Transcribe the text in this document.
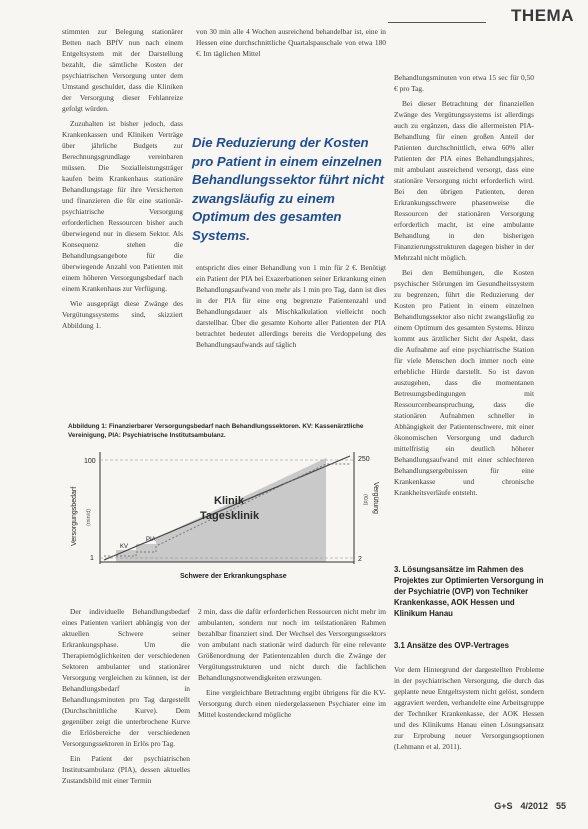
THEMA

stimmten zur Belegung stationärer Betten nach BPfV nun nach einem Entgeltsystem mit der Darstellung bezahlt, die sämtliche Kosten der psychiatrischen Versorgung unter dem Umstand geschuldet, dass die Kliniken der Versorgung dieser Fehlanreize gefolgt würden.

Zuzuhalten ist bisher jedoch, dass Krankenkassen und Kliniken Verträge über jährliche Budgets zur Berechnungsgrundlage vereinbaren müssen. Die Sozialleistungsträger kaufen beim Krankenhaus stationäre Behandlungstage für ihre Versicherten und finanzieren die für eine stationär-psychiatrische Versorgung erforderlichen Ressourcen bisher auch überwiegend nur in diesem Sektor. Als Konsequenz stehen die Behandlungsangebote für die überwiegende Anzahl von Patienten mit einem höheren Versorgungsbedarf nach einem Krankenhaus zur Verfügung.

Wie ausgeprägt diese Zwänge des Vergütungssystems sind, skizziert Abbildung 1.

von 30 min alle 4 Wochen ausreichend behandelbar ist, eine in Hessen eine durchschnittliche Quartalspauschale von etwa 180 €. Im täglichen Mittel

Die Reduzierung der Kosten pro Patient in einem einzelnen Behandlungssektor führt nicht zwangsläufig zu einem Optimum des gesamten Systems.

entspricht dies einer Behandlung von 1 min für 2 €. Benötigt ein Patient der PIA bei Exazerbationen seiner Erkrankung einen Behandlungsaufwand von mehr als 1 min pro Tag, dann ist dies in der PIA für eine eng begrenzte Patientenzahl und Behandlungsdauer als Mischkalkulation vielleicht noch darstellbar. Über die gesamte Kohorte aller Patienten der PIA betrachtet bedeutet allerdings bereits die Verdoppelung des Behandlungsaufwands auf täglich

Behandlungsminuten von etwa 15 sec für 0,50 € pro Tag.

Bei dieser Betrachtung der finanziellen Zwänge des Vergütungssystems ist allerdings auch zu ergänzen, dass die allermeisten PIA-Behandlung für einen großen Anteil der Patienten durchschnittlich, etwa 60% aller Patienten der PIA eines Behandlungsjahres, mit ambulant ausreichend versorgt, dass eine stationäre Versorgung nicht erforderlich wird. Bei den übrigen Patienten, deren Erkrankungsschwere phasenweise die Ressourcen der stationären Versorgung erforderlich macht, ist eine ambulante Behandlung in den bisherigen Finanzierungsstrukturen dagegen bisher in der Mehrzahl nicht möglich.

Bei den Bemühungen, die Kosten psychischer Störungen im Gesundheitssystem zu begrenzen, führt die Reduzierung der Kosten pro Patient in einem einzelnen Behandlungssektor also nicht zwangsläufig zu einem Optimum des gesamten Systems. Hinzu kommt aus ärztlicher Sicht der Aspekt, dass die Aufnahme auf eine psychiatrische Station für viele Menschen doch immer noch eine erhebliche Hürde darstellt. So ist davon auszugehen, dass die momentanen Betreuungsbedingungen mit Ressourcenbeanspruchung, dass die stationären Aufnahmen schneller in Abhängigkeit der Patientenschwere, mit einer ökonomischen Versorgung und dadurch mittelfristig ein deutlich höherer Behandlungsaufwand mit einer schlechteren Behandlungsergebnissen für eine Krankenkasse und chronische Krankheitsverläufe entsteht.

Abbildung 1: Finanzierbarer Versorgungsbedarf nach Behandlungssektoren. KV: Kassenärztliche Vereinigung, PIA: Psychiatrische Institutsambulanz.
100
1
250
2
KV
PIA
Klinik
Tagesklinik
Schwere der Erkrankungsphase
Versorgungsbedarf (min/d)
Vergütung
(€/d)

Der individuelle Behandlungsbedarf eines Patienten variiert abhängig von der aktuellen Schwere seiner Erkrankungsphase. Um die Therapiemöglichkeiten der verschiedenen Sektoren ambulanter und stationärer Versorgung vergleichen zu können, ist der Behandlungsbedarf in Behandlungsminuten pro Tag dargestellt (Durchschnittliche Kurve). Dem gegenüber zeigt die unterbrochene Kurve die Erlösbereiche der verschiedenen Versorgungssektoren in Erlös pro Tag.

Ein Patient der psychiatrischen Institutsambulanz (PIA), dessen aktuelles Zustandsbild mit einer Termin

2 min, dass die dafür erforderlichen Ressourcen nicht mehr im ambulanten, sondern nur noch im teilstationären Rahmen bezahlbar finanziert sind. Der Wechsel des Versorgungssektors von ambulant nach stationär wird dadurch für eine relevante Größenordnung der Patientenzahlen durch die Zwänge der Vergütungsstrukturen und nicht durch die fachlichen Behandlungsnotwendigkeiten erzwungen.

Eine vergleichbare Betrachtung ergibt übrigens für die KV-Versorgung durch einen niedergelassenen Psychiater eine im Mittel kostendeckend mögliche

3. Lösungsansätze im Rahmen des Projektes zur Optimierten Versorgung in der Psychiatrie (OVP) von Techniker Krankenkasse, AOK Hessen und Klinikum Hanau
3.1 Ansätze des OVP-Vertrages

Vor dem Hintergrund der dargestellten Probleme in der psychiatrischen Versorgung, die durch das geplante neue Entgeltsystem nicht gelöst, sondern aggraviert werden, verhandelte eine Arbeitsgruppe der Techniker Krankenkasse, der AOK Hessen und des Klinikums Hanau einen Lösungsansatz zur Erprobung neuer Versorgungsoptionen (Lehmann et al. 2011).

G+S 4/2012 55
